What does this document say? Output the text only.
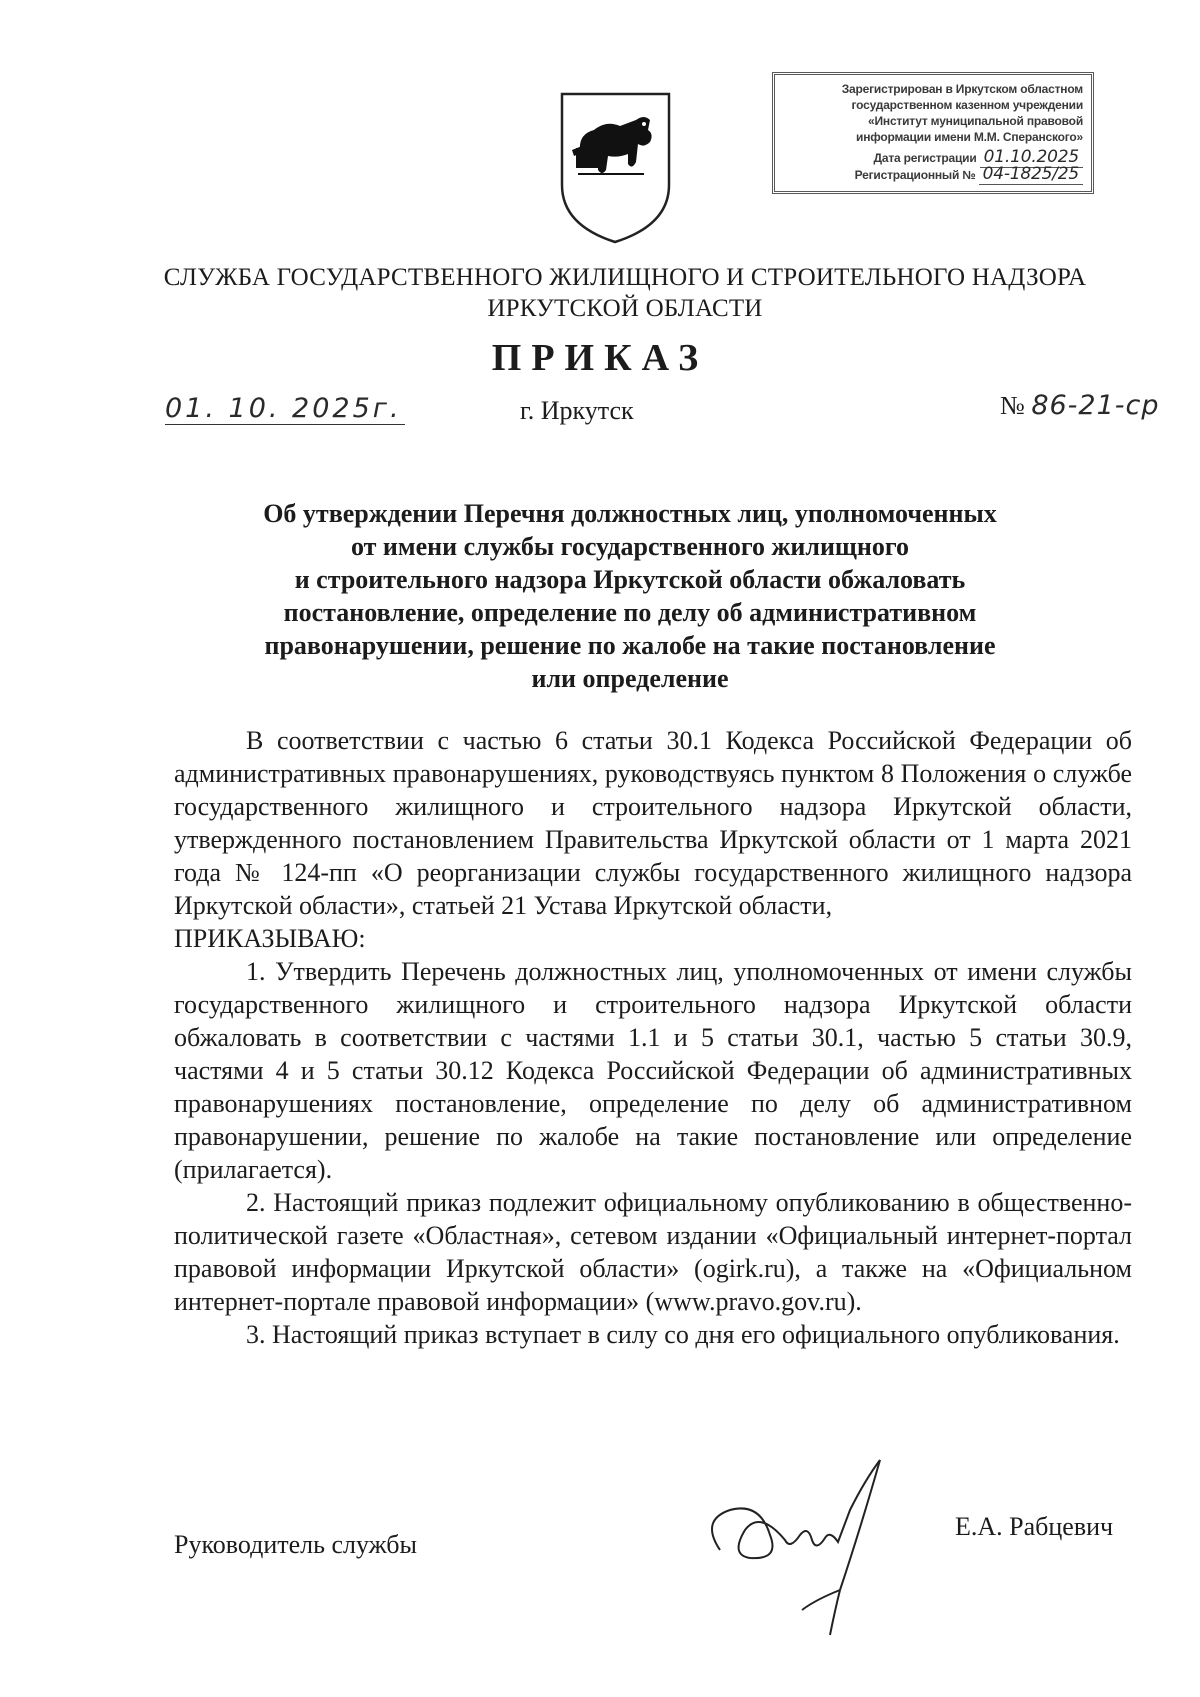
Зарегистрирован в Иркутском областном
государственном казенном учреждении
«Институт муниципальной правовой
информации имени М.М. Сперанского»
Дата регистрации 01.10.2025
Регистрационный № 04-1825/25
СЛУЖБА ГОСУДАРСТВЕННОГО ЖИЛИЩНОГО И СТРОИТЕЛЬНОГО НАДЗОРА
ИРКУТСКОЙ ОБЛАСТИ
ПРИКАЗ
01. 10. 2025г.	г. Иркутск	№ 86-21-ср
Об утверждении Перечня должностных лиц, уполномоченных
от имени службы государственного жилищного
и строительного надзора Иркутской области обжаловать
постановление, определение по делу об административном
правонарушении, решение по жалобе на такие постановление
или определение

В соответствии с частью 6 статьи 30.1 Кодекса Российской Федерации об административных правонарушениях, руководствуясь пунктом 8 Положения о службе государственного жилищного и строительного надзора Иркутской области, утвержденного постановлением Правительства Иркутской области от 1 марта 2021 года № 124-пп «О реорганизации службы государственного жилищного надзора Иркутской области», статьей 21 Устава Иркутской области,

ПРИКАЗЫВАЮ:

1. Утвердить Перечень должностных лиц, уполномоченных от имени службы государственного жилищного и строительного надзора Иркутской области обжаловать в соответствии с частями 1.1 и 5 статьи 30.1, частью 5 статьи 30.9, частями 4 и 5 статьи 30.12 Кодекса Российской Федерации об административных правонарушениях постановление, определение по делу об административном правонарушении, решение по жалобе на такие постановление или определение (прилагается).

2. Настоящий приказ подлежит официальному опубликованию в общественно-политической газете «Областная», сетевом издании «Официальный интернет-портал правовой информации Иркутской области» (ogirk.ru), а также на «Официальном интернет-портале правовой информации» (www.pravo.gov.ru).

3. Настоящий приказ вступает в силу со дня его официального опубликования.

Руководитель службы
Е.А. Рабцевич
